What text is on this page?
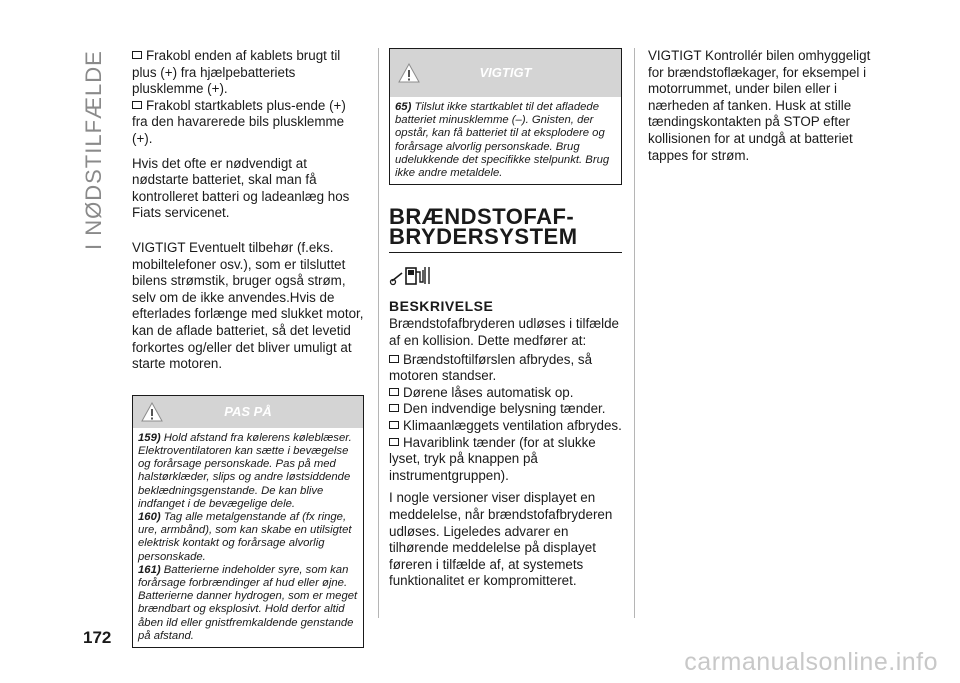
I NØDSTILFÆLDE
172

Frakobl enden af kablets brugt til plus (+) fra hjælpebatteriets plusklemme (+).

Frakobl startkablets plus-ende (+) fra den havarerede bils plusklemme (+).

Hvis det ofte er nødvendigt at nødstarte batteriet, skal man få kontrolleret batteri og ladeanlæg hos Fiats servicenet.

VIGTIGT Eventuelt tilbehør (f.eks. mobiltelefoner osv.), som er tilsluttet bilens strømstik, bruger også strøm, selv om de ikke anvendes.Hvis de efterlades forlænge med slukket motor, kan de aflade batteriet, så det levetid forkortes og/eller det bliver umuligt at starte motoren.

PAS PÅ

159) Hold afstand fra kølerens køleblæser. Elektroventilatoren kan sætte i bevægelse og forårsage personskade. Pas på med halstørklæder, slips og andre løstsiddende beklædningsgenstande. De kan blive indfanget i de bevægelige dele.

160) Tag alle metalgenstande af (fx ringe, ure, armbånd), som kan skabe en utilsigtet elektrisk kontakt og forårsage alvorlig personskade.

161) Batterierne indeholder syre, som kan forårsage forbrændinger af hud eller øjne. Batterierne danner hydrogen, som er meget brændbart og eksplosivt. Hold derfor altid åben ild eller gnistfremkaldende genstande på afstand.

VIGTIGT

65) Tilslut ikke startkablet til det afladede batteriet minusklemme (–). Gnisten, der opstår, kan få batteriet til at eksplodere og forårsage alvorlig personskade. Brug udelukkende det specifikke stelpunkt. Brug ikke andre metaldele.

BRÆNDSTOFAF-BRYDERSYSTEM
BESKRIVELSE

Brændstofafbryderen udløses i tilfælde af en kollision. Dette medfører at:

Brændstoftilførslen afbrydes, så motoren standser.

Dørene låses automatisk op.

Den indvendige belysning tænder.

Klimaanlæggets ventilation afbrydes.

Havariblink tænder (for at slukke lyset, tryk på knappen på instrumentgruppen).

I nogle versioner viser displayet en meddelelse, når brændstofafbryderen udløses. Ligeledes advarer en tilhørende meddelelse på displayet føreren i tilfælde af, at systemets funktionalitet er kompromitteret.

VIGTIGT Kontrollér bilen omhyggeligt for brændstoflækager, for eksempel i motorrummet, under bilen eller i nærheden af tanken. Husk at stille tændingskontakten på STOP efter kollisionen for at undgå at batteriet tappes for strøm.

carmanualsonline.info
